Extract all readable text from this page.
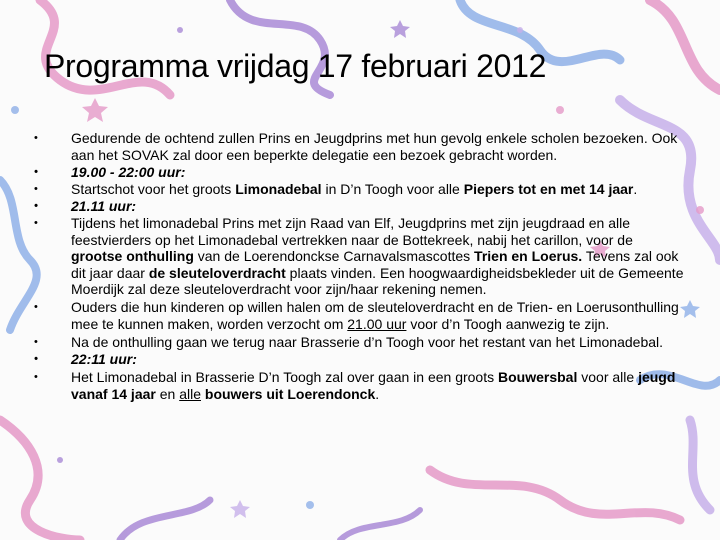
Programma vrijdag 17 februari 2012
• Gedurende de ochtend zullen Prins en Jeugdprins met hun gevolg enkele scholen bezoeken. Ook aan het SOVAK zal door een beperkte delegatie een bezoek gebracht worden.
• 19.00 - 22:00 uur:
• Startschot voor het groots Limonadebal in D’n Toogh voor alle Piepers tot en met 14 jaar.
• 21.11 uur:
• Tijdens het limonadebal Prins met zijn Raad van Elf, Jeugdprins met zijn jeugdraad en alle feestvierders op het Limonadebal vertrekken naar de Bottekreek, nabij het carillon, voor de grootse onthulling van de Loerendonckse Carnavalsmascottes Trien en Loerus. Tevens zal ook dit jaar daar de sleuteloverdracht plaats vinden. Een hoogwaardigheidsbekleder uit de Gemeente Moerdijk zal deze sleuteloverdracht voor zijn/haar rekening nemen.
• Ouders die hun kinderen op willen halen om de sleuteloverdracht en de Trien- en Loerusonthulling mee te kunnen maken, worden verzocht om 21.00 uur voor d’n Toogh aanwezig te zijn.
• Na de onthulling gaan we terug naar Brasserie d’n Toogh voor het restant van het Limonadebal.
• 22:11 uur:
• Het Limonadebal in Brasserie D’n Toogh zal over gaan in een groots Bouwersbal voor alle jeugd vanaf 14 jaar en alle bouwers uit Loerendonck.
